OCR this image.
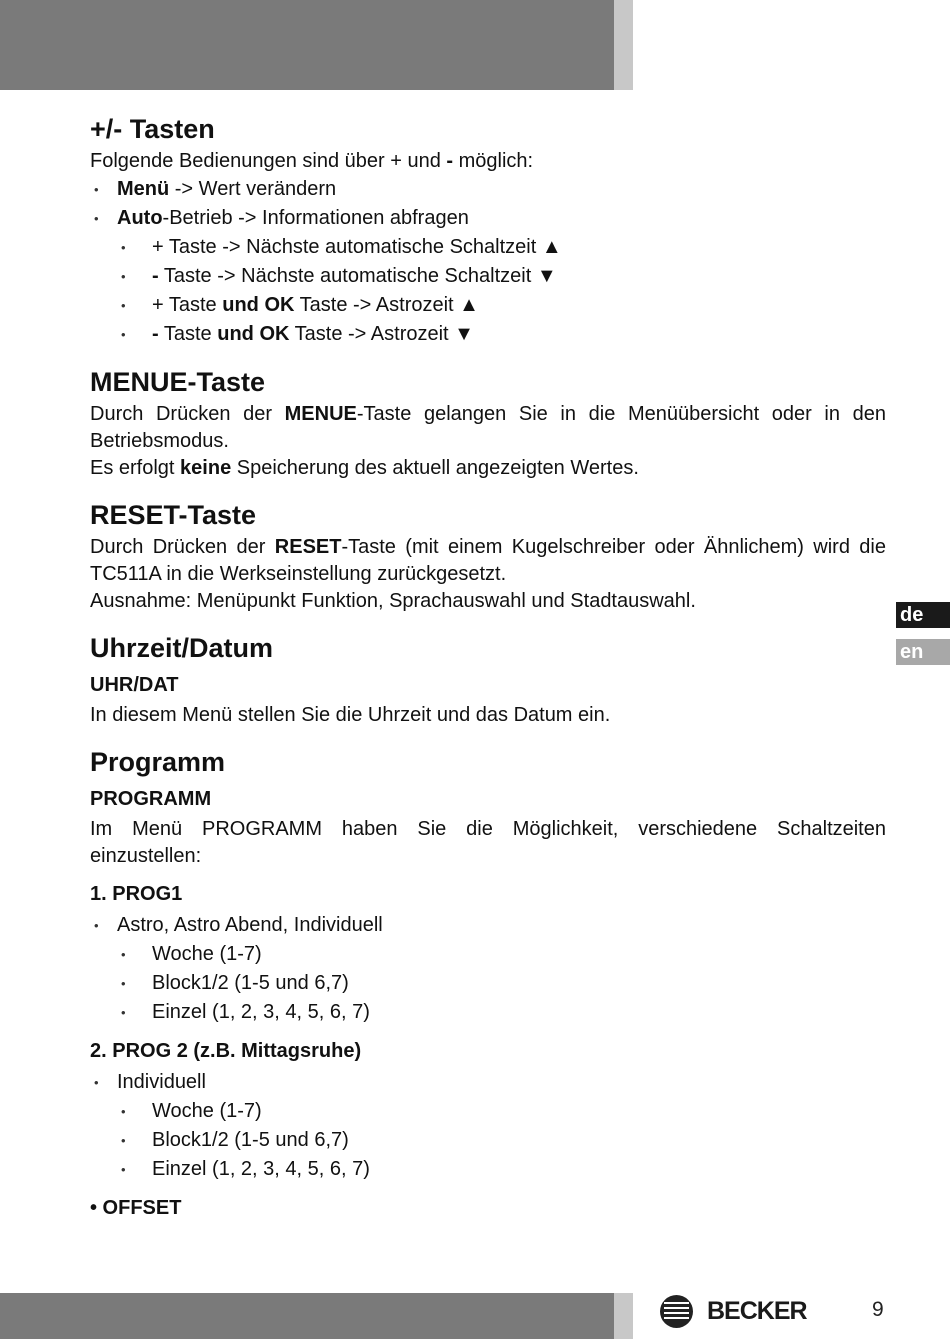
+/- Tasten

Folgende Bedienungen sind über + und - möglich:

• Menü -> Wert verändern
• Auto-Betrieb -> Informationen abfragen
• + Taste -> Nächste automatische Schaltzeit ▲
• - Taste -> Nächste automatische Schaltzeit ▼
• + Taste und OK Taste -> Astrozeit ▲
• - Taste und OK Taste -> Astrozeit ▼
MENUE-Taste

Durch Drücken der MENUE-Taste gelangen Sie in die Menüübersicht oder in den Betriebsmodus.

Es erfolgt keine Speicherung des aktuell angezeigten Wertes.

RESET-Taste

Durch Drücken der RESET-Taste (mit einem Kugelschreiber oder Ähnlichem) wird die TC511A in die Werkseinstellung zurückgesetzt.

Ausnahme: Menüpunkt Funktion, Sprachauswahl und Stadtauswahl.

Uhrzeit/Datum
UHR/DAT

In diesem Menü stellen Sie die Uhrzeit und das Datum ein.

Programm
PROGRAMM

Im Menü PROGRAMM haben Sie die Möglichkeit, verschiedene Schaltzeiten einzustellen:

1. PROG1
• Astro, Astro Abend, Individuell
• Woche (1-7)
• Block1/2 (1-5 und 6,7)
• Einzel (1, 2, 3, 4, 5, 6, 7)
2. PROG 2 (z.B. Mittagsruhe)
• Individuell
• Woche (1-7)
• Block1/2 (1-5 und 6,7)
• Einzel (1, 2, 3, 4, 5, 6, 7)
• OFFSET
de
en
BECKER	9
